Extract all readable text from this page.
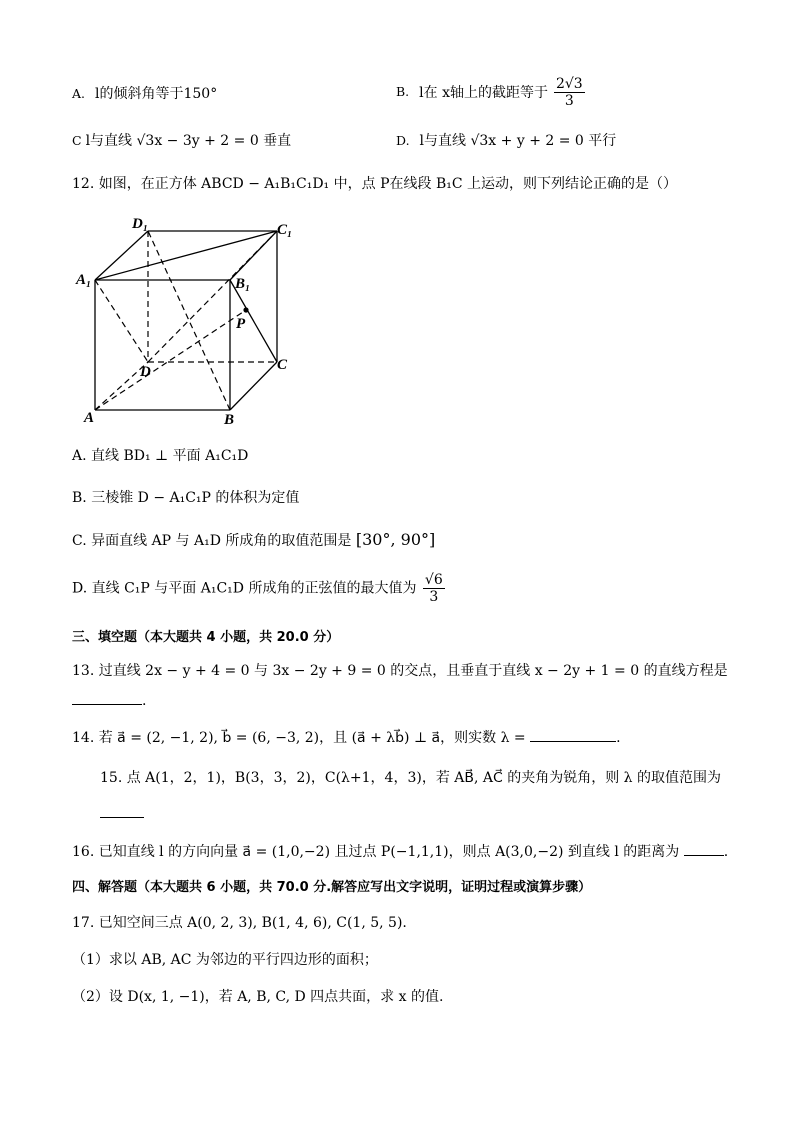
A. l的倾斜角等于150°	B. l在 x轴上的截距等于 $\frac{2√3}{3}$
C l与直线 √3x − 3y + 2 = 0 垂直	D. l与直线 √3x + y + 2 = 0 平行
12. 如图，在正方体 ABCD − A₁B₁C₁D₁ 中，点 P在线段 B₁C 上运动，则下列结论正确的是（）
D₁	C₁
A₁	B₁
P
D	C
A	B
A. 直线 BD₁ ⊥ 平面 A₁C₁D
B. 三棱锥 D − A₁C₁P 的体积为定值
C. 异面直线 AP 与 A₁D 所成角的取值范围是 [30°, 90°]
D. 直线 C₁P 与平面 A₁C₁D 所成角的正弦值的最大值为 $\frac{√6}{3}$
三、填空题（本大题共 4 小题，共 20.0 分）
13. 过直线 2x − y + 4 = 0 与 3x − 2y + 9 = 0 的交点，且垂直于直线 x − 2y + 1 = 0 的直线方程是
.
14. 若 a⃗ = (2, −1, 2), b⃗ = (6, −3, 2)，且 (a⃗ + λb⃗) ⊥ a⃗，则实数 λ =	.
15. 点 A(1，2，1)，B(3，3，2)，C(λ+1，4，3)，若 AB⃗, AC⃗ 的夹角为锐角，则 λ 的取值范围为
16. 已知直线 l 的方向向量 a⃗ = (1,0,−2) 且过点 P(−1,1,1)，则点 A(3,0,−2) 到直线 l 的距离为	.
四、解答题（本大题共 6 小题，共 70.0 分.解答应写出文字说明，证明过程或演算步骤）
17. 已知空间三点 A(0, 2, 3), B(1, 4, 6), C(1, 5, 5).
（1）求以 AB, AC 为邻边的平行四边形的面积；
（2）设 D(x, 1, −1)，若 A, B, C, D 四点共面，求 x 的值.
